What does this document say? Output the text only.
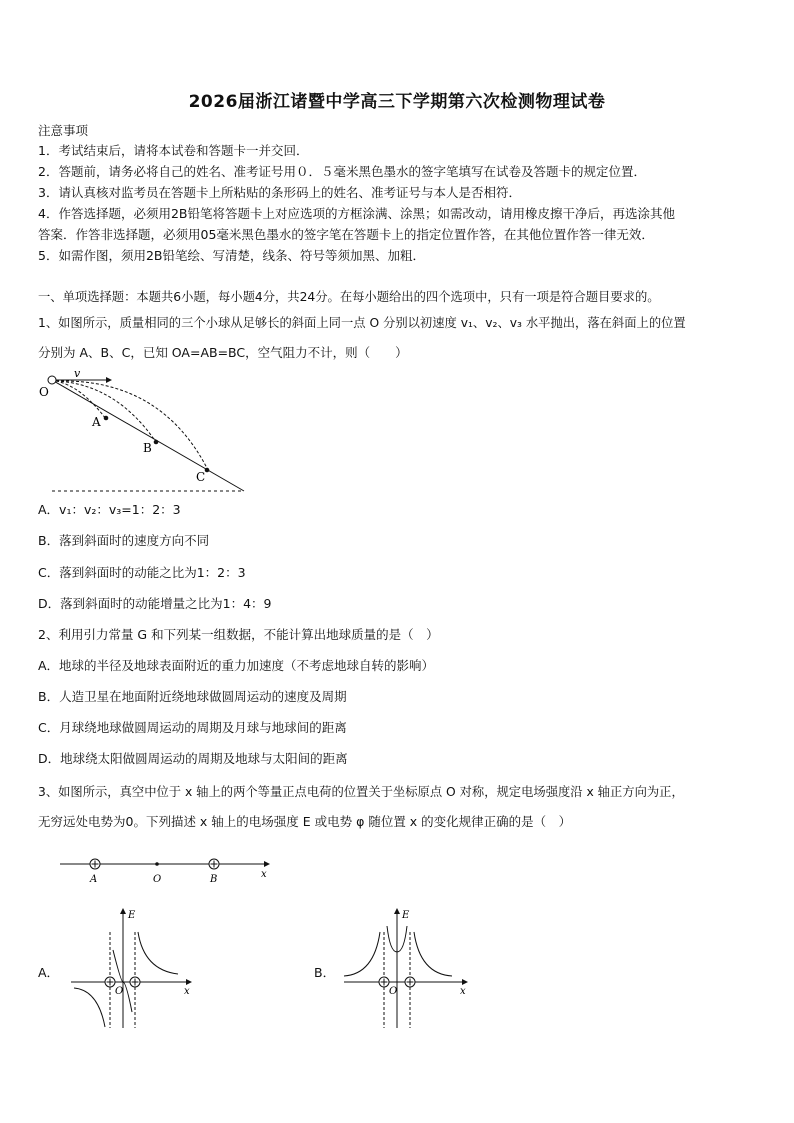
2026届浙江诸暨中学高三下学期第六次检测物理试卷
注意事项
1．考试结束后，请将本试卷和答题卡一并交回．
2．答题前，请务必将自己的姓名、准考证号用０．５毫米黑色墨水的签字笔填写在试卷及答题卡的规定位置．
3．请认真核对监考员在答题卡上所粘贴的条形码上的姓名、准考证号与本人是否相符．
4．作答选择题，必须用2B铅笔将答题卡上对应选项的方框涂满、涂黑；如需改动，请用橡皮擦干净后，再选涂其他
答案．作答非选择题，必须用05毫米黑色墨水的签字笔在答题卡上的指定位置作答，在其他位置作答一律无效．
5．如需作图，须用2B铅笔绘、写清楚，线条、符号等须加黑、加粗．
一、单项选择题：本题共6小题，每小题4分，共24分。在每小题给出的四个选项中，只有一项是符合题目要求的。
1、如图所示，质量相同的三个小球从足够长的斜面上同一点 O 分别以初速度 v₁、v₂、v₃ 水平抛出，落在斜面上的位置
分别为 A、B、C，已知 OA=AB=BC，空气阻力不计，则（　　）
O
v
A
B
C
A．v₁：v₂：v₃=1：2：3
B．落到斜面时的速度方向不同
C．落到斜面时的动能之比为1：2：3
D．落到斜面时的动能增量之比为1：4：9
2、利用引力常量 G 和下列某一组数据，不能计算出地球质量的是（　）
A．地球的半径及地球表面附近的重力加速度（不考虑地球自转的影响）
B．人造卫星在地面附近绕地球做圆周运动的速度及周期
C．月球绕地球做圆周运动的周期及月球与地球间的距离
D．地球绕太阳做圆周运动的周期及地球与太阳间的距离
3、如图所示，真空中位于 x 轴上的两个等量正点电荷的位置关于坐标原点 O 对称，规定电场强度沿 x 轴正方向为正，
无穷远处电势为0。下列描述 x 轴上的电场强度 E 或电势 φ 随位置 x 的变化规律正确的是（　）
A	O	B	x
A．	B．
E
O	x
E
O	x
